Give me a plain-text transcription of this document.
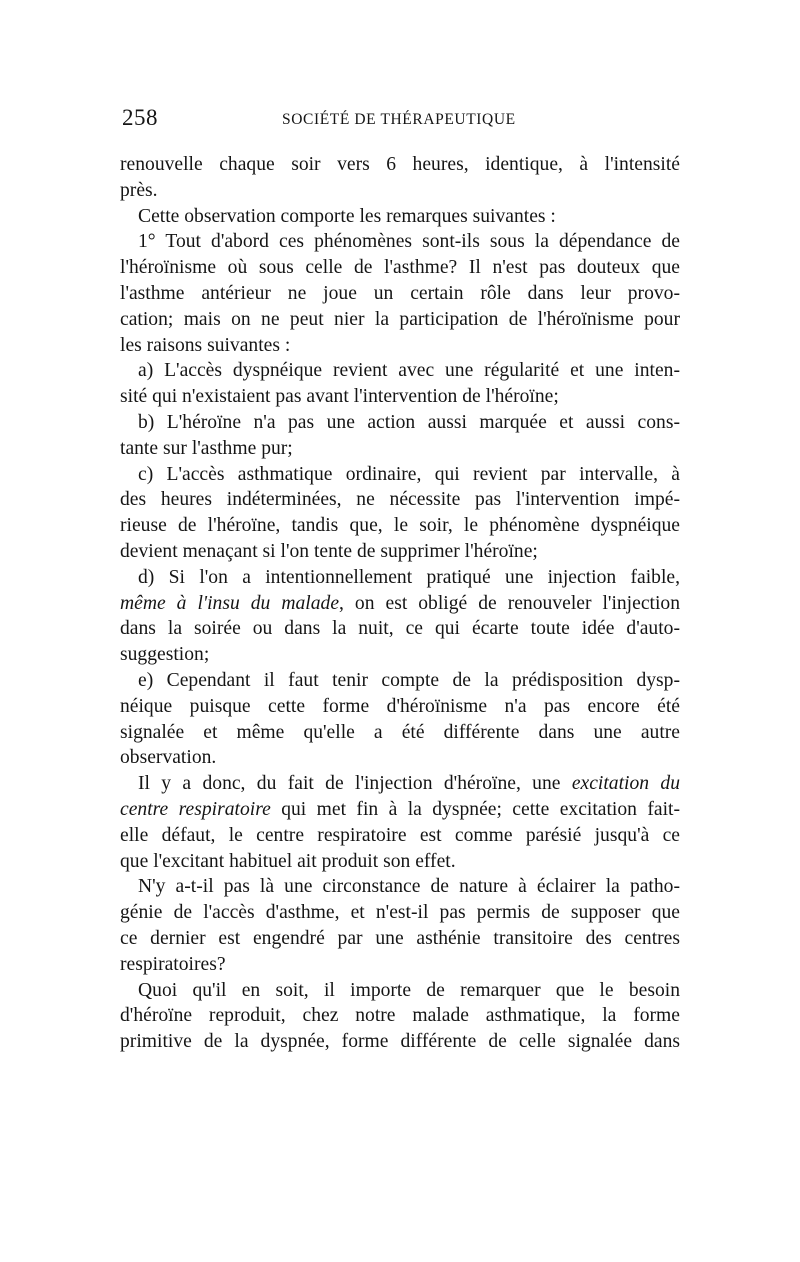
258	SOCIÉTÉ DE THÉRAPEUTIQUE
renouvelle chaque soir vers 6 heures, identique, à l'intensité
près.
Cette observation comporte les remarques suivantes :
1° Tout d'abord ces phénomènes sont-ils sous la dépendance de
l'héroïnisme où sous celle de l'asthme? Il n'est pas douteux que
l'asthme antérieur ne joue un certain rôle dans leur provo-
cation; mais on ne peut nier la participation de l'héroïnisme pour
les raisons suivantes :
a) L'accès dyspnéique revient avec une régularité et une inten-
sité qui n'existaient pas avant l'intervention de l'héroïne;
b) L'héroïne n'a pas une action aussi marquée et aussi cons-
tante sur l'asthme pur;
c) L'accès asthmatique ordinaire, qui revient par intervalle, à
des heures indéterminées, ne nécessite pas l'intervention impé-
rieuse de l'héroïne, tandis que, le soir, le phénomène dyspnéique
devient menaçant si l'on tente de supprimer l'héroïne;
d) Si l'on a intentionnellement pratiqué une injection faible,
même à l'insu du malade, on est obligé de renouveler l'injection
dans la soirée ou dans la nuit, ce qui écarte toute idée d'auto-
suggestion;
e) Cependant il faut tenir compte de la prédisposition dysp-
néique puisque cette forme d'héroïnisme n'a pas encore été
signalée et même qu'elle a été différente dans une autre
observation.
Il y a donc, du fait de l'injection d'héroïne, une excitation du
centre respiratoire qui met fin à la dyspnée; cette excitation fait-
elle défaut, le centre respiratoire est comme parésié jusqu'à ce
que l'excitant habituel ait produit son effet.
N'y a-t-il pas là une circonstance de nature à éclairer la patho-
génie de l'accès d'asthme, et n'est-il pas permis de supposer que
ce dernier est engendré par une asthénie transitoire des centres
respiratoires?
Quoi qu'il en soit, il importe de remarquer que le besoin
d'héroïne reproduit, chez notre malade asthmatique, la forme
primitive de la dyspnée, forme différente de celle signalée dans
